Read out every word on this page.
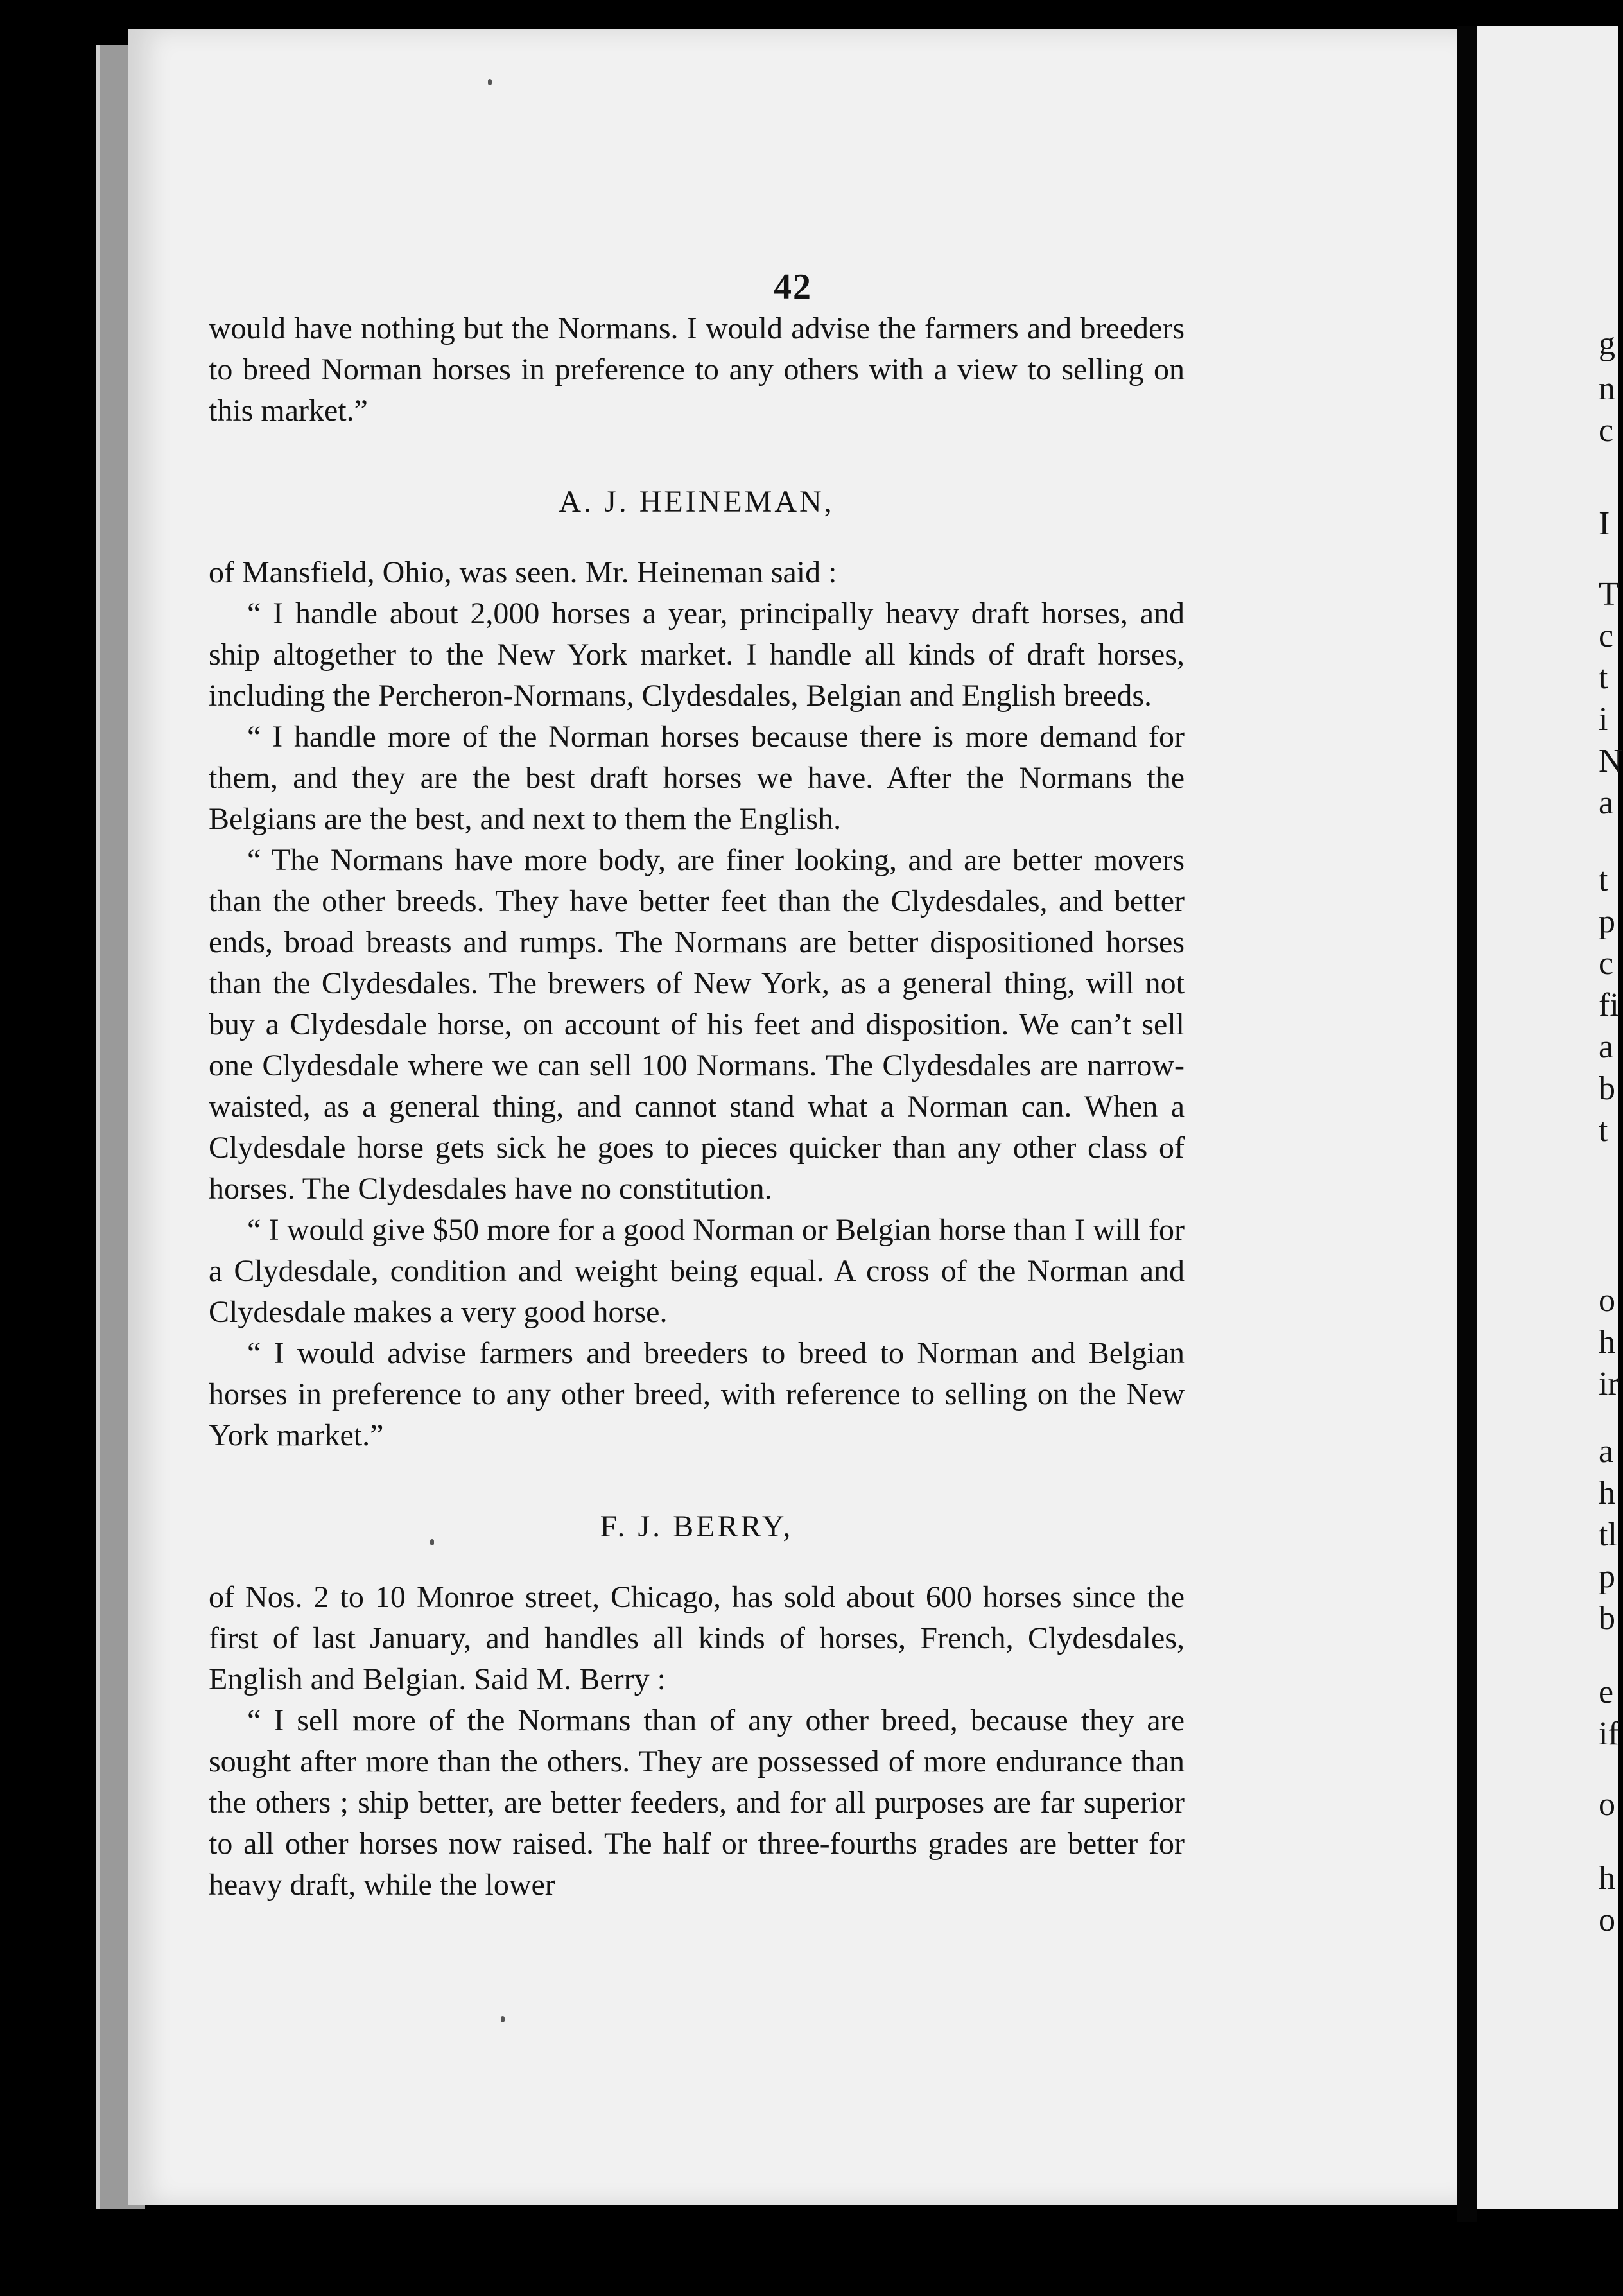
42

would have nothing but the Normans. I would advise the farmers and breeders to breed Norman horses in preference to any others with a view to selling on this market.”

A. J. HEINEMAN,

of Mansfield, Ohio, was seen. Mr. Heineman said :

“ I handle about 2,000 horses a year, principally heavy draft horses, and ship altogether to the New York market. I handle all kinds of draft horses, including the Percheron-Normans, Clydesdales, Belgian and English breeds.

“ I handle more of the Norman horses because there is more demand for them, and they are the best draft horses we have. After the Normans the Belgians are the best, and next to them the English.

“ The Normans have more body, are finer looking, and are better movers than the other breeds. They have better feet than the Clydesdales, and better ends, broad breasts and rumps. The Normans are better dispositioned horses than the Clydesdales. The brewers of New York, as a general thing, will not buy a Clydesdale horse, on account of his feet and disposition. We can’t sell one Clydesdale where we can sell 100 Normans. The Clydesdales are narrow-waisted, as a general thing, and cannot stand what a Norman can. When a Clydesdale horse gets sick he goes to pieces quicker than any other class of horses. The Clydesdales have no constitution.

“ I would give $50 more for a good Norman or Belgian horse than I will for a Clydesdale, condition and weight being equal. A cross of the Norman and Clydesdale makes a very good horse.

“ I would advise farmers and breeders to breed to Norman and Belgian horses in preference to any other breed, with reference to selling on the New York market.”

F. J. BERRY,

of Nos. 2 to 10 Monroe street, Chicago, has sold about 600 horses since the first of last January, and handles all kinds of horses, French, Clydesdales, English and Belgian. Said M. Berry :

“ I sell more of the Normans than of any other breed, because they are sought after more than the others. They are possessed of more endurance than the others ; ship better, are better feeders, and for all purposes are far superior to all other horses now raised. The half or three-fourths grades are better for heavy draft, while the lower

g
n
c
I
T
c
t
i
N
a
t
p
c
fi
a
b
t
o
h
ir
a
h
tl
p
b
e
if
o
h
o
